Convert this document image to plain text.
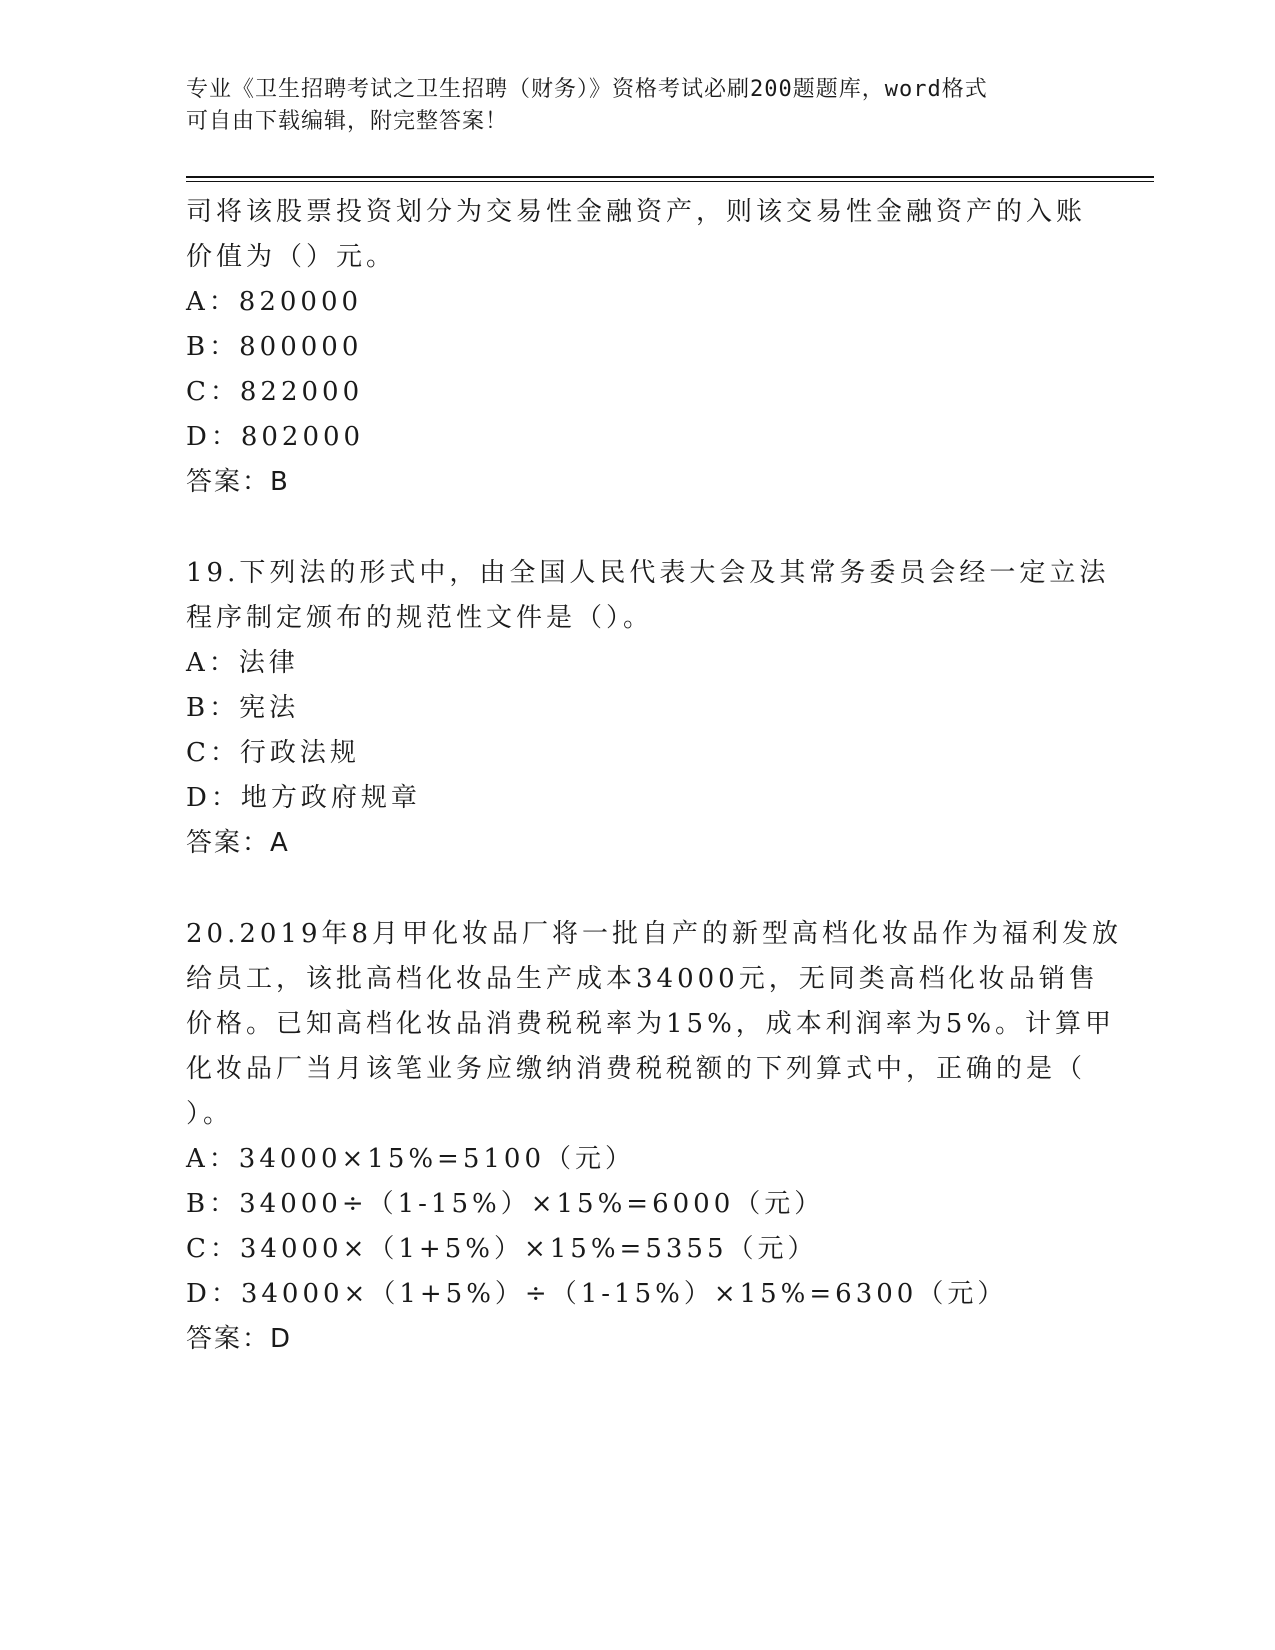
专业《卫生招聘考试之卫生招聘（财务）》资格考试必刷200题题库，word格式
可自由下载编辑，附完整答案！
司将该股票投资划分为交易性金融资产，则该交易性金融资产的入账
价值为（）元。
A：820000
B：800000
C：822000
D：802000
答案：B
19.下列法的形式中，由全国人民代表大会及其常务委员会经一定立法
程序制定颁布的规范性文件是（）。
A：法律
B：宪法
C：行政法规
D：地方政府规章
答案：A
20.2019年8月甲化妆品厂将一批自产的新型高档化妆品作为福利发放
给员工，该批高档化妆品生产成本34000元，无同类高档化妆品销售
价格。已知高档化妆品消费税税率为15%，成本利润率为5%。计算甲
化妆品厂当月该笔业务应缴纳消费税税额的下列算式中，正确的是（
）。
A：34000×15%=5100（元）
B：34000÷（1-15%）×15%=6000（元）
C：34000×（1+5%）×15%=5355（元）
D：34000×（1+5%）÷（1-15%）×15%=6300（元）
答案：D
